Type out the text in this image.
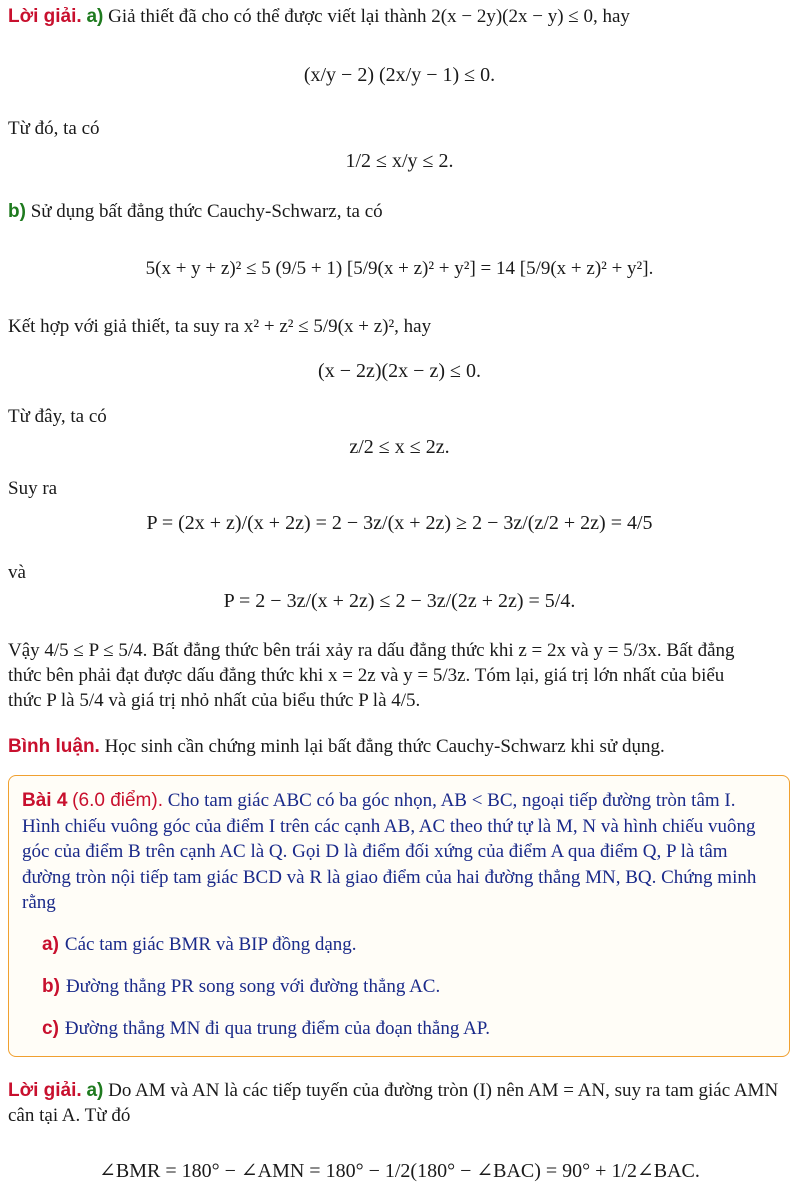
Lời giải. a) Giả thiết đã cho có thể được viết lại thành 2(x − 2y)(2x − y) ≤ 0, hay
(x/y − 2) (2x/y − 1) ≤ 0.
Từ đó, ta có
1/2 ≤ x/y ≤ 2.
b) Sử dụng bất đẳng thức Cauchy-Schwarz, ta có
5(x + y + z)² ≤ 5 (9/5 + 1) [5/9(x + z)² + y²] = 14 [5/9(x + z)² + y²].
Kết hợp với giả thiết, ta suy ra x² + z² ≤ 5/9(x + z)², hay
(x − 2z)(2x − z) ≤ 0.
Từ đây, ta có
z/2 ≤ x ≤ 2z.
Suy ra
P = (2x + z)/(x + 2z) = 2 − 3z/(x + 2z) ≥ 2 − 3z/(z/2 + 2z) = 4/5
và
P = 2 − 3z/(x + 2z) ≤ 2 − 3z/(2z + 2z) = 5/4.
Vậy 4/5 ≤ P ≤ 5/4. Bất đẳng thức bên trái xảy ra dấu đẳng thức khi z = 2x và y = 5/3x. Bất đẳng
thức bên phải đạt được dấu đẳng thức khi x = 2z và y = 5/3z. Tóm lại, giá trị lớn nhất của biểu
thức P là 5/4 và giá trị nhỏ nhất của biểu thức P là 4/5.
Bình luận. Học sinh cần chứng minh lại bất đẳng thức Cauchy-Schwarz khi sử dụng.
Bài 4 (6.0 điểm). Cho tam giác ABC có ba góc nhọn, AB < BC, ngoại tiếp đường tròn tâm I. Hình chiếu vuông góc của điểm I trên các cạnh AB, AC theo thứ tự là M, N và hình chiếu vuông góc của điểm B trên cạnh AC là Q. Gọi D là điểm đối xứng của điểm A qua điểm Q, P là tâm đường tròn nội tiếp tam giác BCD và R là giao điểm của hai đường thẳng MN, BQ. Chứng minh rằng
a) Các tam giác BMR và BIP đồng dạng.
b) Đường thẳng PR song song với đường thẳng AC.
c) Đường thẳng MN đi qua trung điểm của đoạn thẳng AP.
Lời giải. a) Do AM và AN là các tiếp tuyến của đường tròn (I) nên AM = AN, suy ra tam giác AMN cân tại A. Từ đó
∠BMR = 180° − ∠AMN = 180° − 1/2(180° − ∠BAC) = 90° + 1/2∠BAC.
